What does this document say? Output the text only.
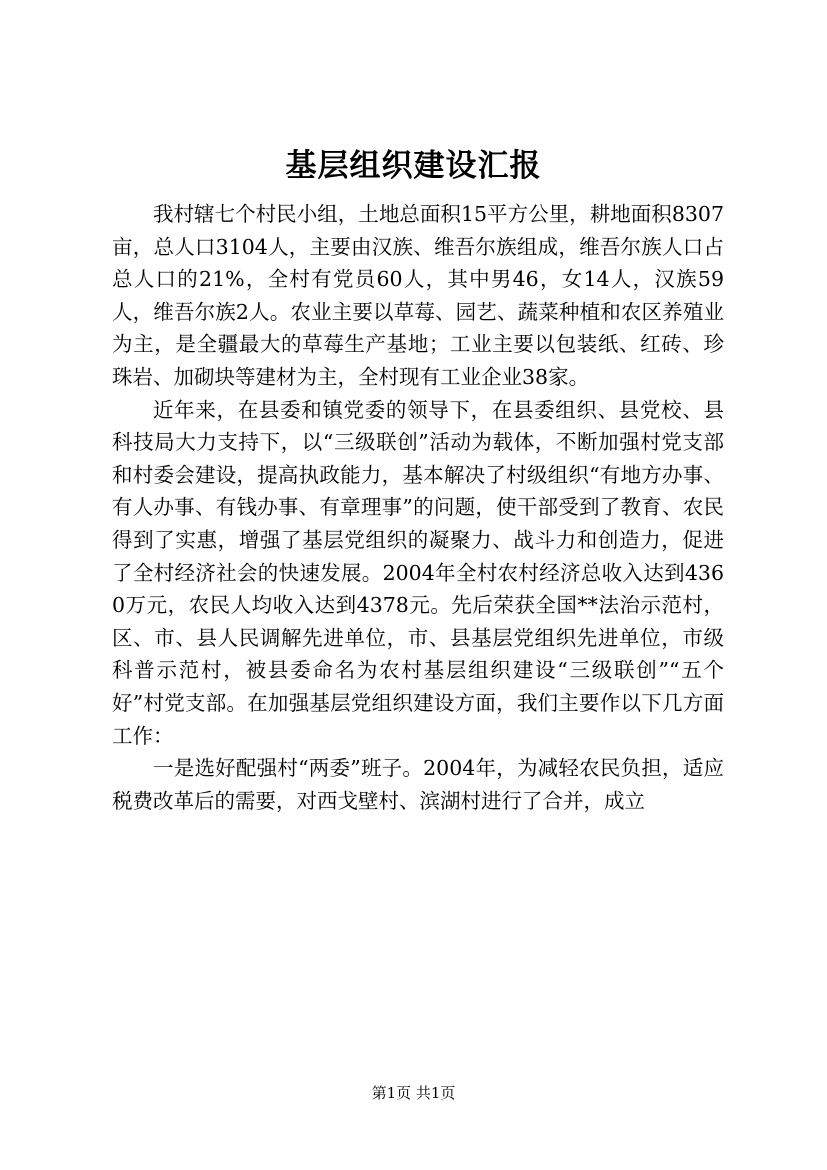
基层组织建设汇报

我村辖七个村民小组，土地总面积15平方公里，耕地面积8307亩，总人口3104人，主要由汉族、维吾尔族组成，维吾尔族人口占总人口的21%，全村有党员60人，其中男46，女14人，汉族59人，维吾尔族2人。农业主要以草莓、园艺、蔬菜种植和农区养殖业为主，是全疆最大的草莓生产基地；工业主要以包装纸、红砖、珍珠岩、加砌块等建材为主，全村现有工业企业38家。

近年来，在县委和镇党委的领导下，在县委组织、县党校、县科技局大力支持下，以“三级联创”活动为载体，不断加强村党支部和村委会建设，提高执政能力，基本解决了村级组织“有地方办事、有人办事、有钱办事、有章理事”的问题，使干部受到了教育、农民得到了实惠，增强了基层党组织的凝聚力、战斗力和创造力，促进了全村经济社会的快速发展。2004年全村农村经济总收入达到4360万元，农民人均收入达到4378元。先后荣获全国**法治示范村，区、市、县人民调解先进单位，市、县基层党组织先进单位，市级科普示范村，被县委命名为农村基层组织建设“三级联创”“五个好”村党支部。在加强基层党组织建设方面，我们主要作以下几方面工作：

一是选好配强村“两委”班子。2004年，为减轻农民负担，适应税费改革后的需要，对西戈壁村、滨湖村进行了合并，成立

第1页 共1页
